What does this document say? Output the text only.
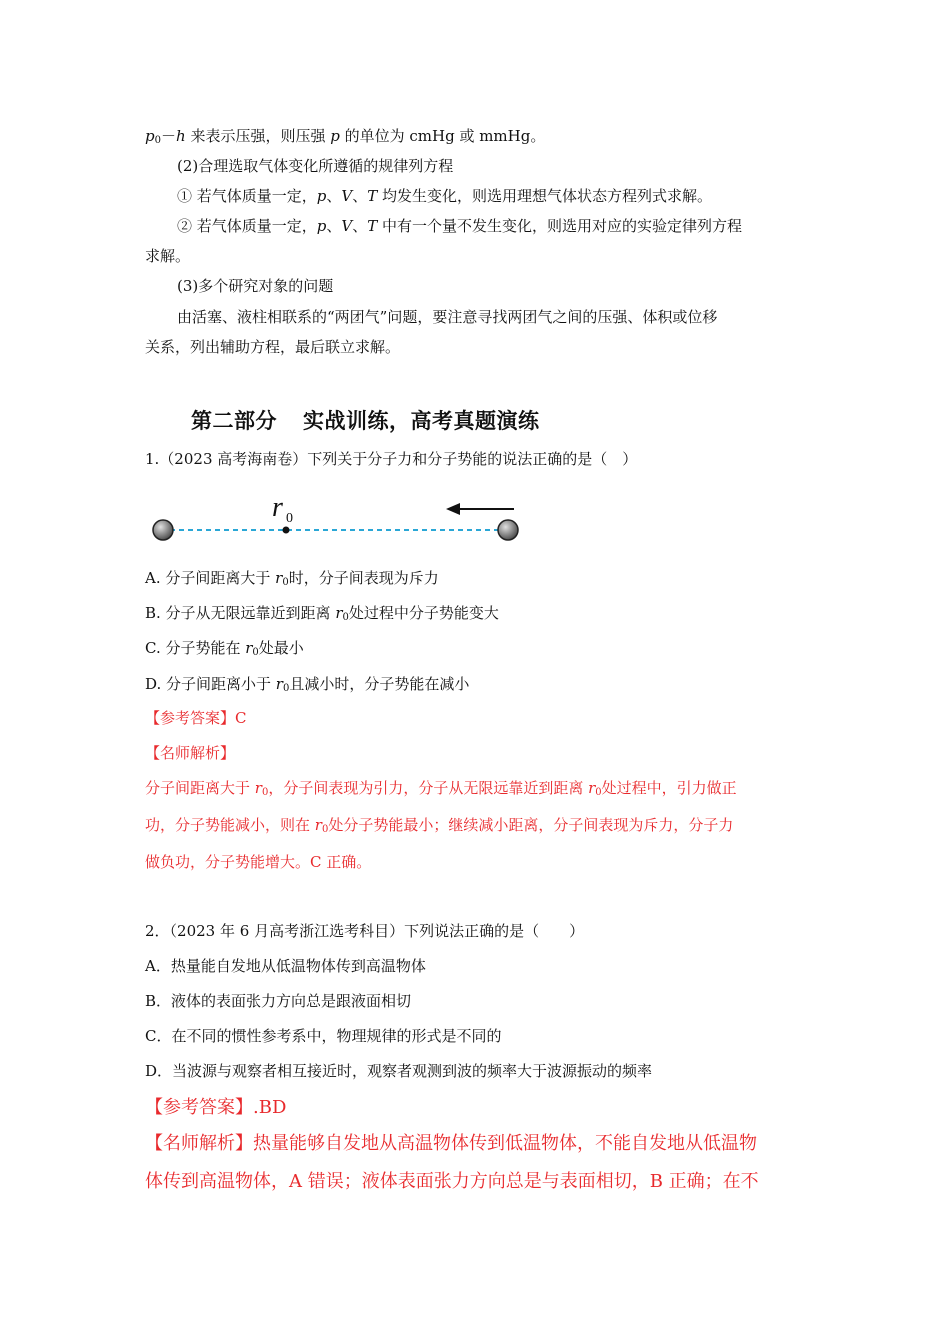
$p_0-h$ 来表示压强，则压强 p 的单位为 cmHg 或 mmHg。
(2)合理选取气体变化所遵循的规律列方程
① 若气体质量一定，p、V、T 均发生变化，则选用理想气体状态方程列式求解。
② 若气体质量一定，p、V、T 中有一个量不发生变化，则选用对应的实验定律列方程
求解。
(3)多个研究对象的问题
由活塞、液柱相联系的“两团气”问题，要注意寻找两团气之间的压强、体积或位移
关系，列出辅助方程，最后联立求解。
第二部分 实战训练，高考真题演练
1.（2023 高考海南卷）下列关于分子力和分子势能的说法正确的是（　）
r 0
A. 分子间距离大于 $r_0$时，分子间表现为斥力
B. 分子从无限远靠近到距离 $r_0$处过程中分子势能变大
C. 分子势能在 $r_0$处最小
D. 分子间距离小于 $r_0$且减小时，分子势能在减小
【参考答案】C
【名师解析】
分子间距离大于 $r_0$，分子间表现为引力，分子从无限远靠近到距离 $r_0$处过程中，引力做正
功，分子势能减小，则在 $r_0$处分子势能最小；继续减小距离，分子间表现为斥力，分子力
做负功，分子势能增大。C 正确。
2．（2023 年 6 月高考浙江选考科目）下列说法正确的是（　　）
A．热量能自发地从低温物体传到高温物体
B．液体的表面张力方向总是跟液面相切
C．在不同的惯性参考系中，物理规律的形式是不同的
D．当波源与观察者相互接近时，观察者观测到波的频率大于波源振动的频率
【参考答案】.BD
【名师解析】热量能够自发地从高温物体传到低温物体，不能自发地从低温物
体传到高温物体，A 错误；液体表面张力方向总是与表面相切，B 正确；在不
